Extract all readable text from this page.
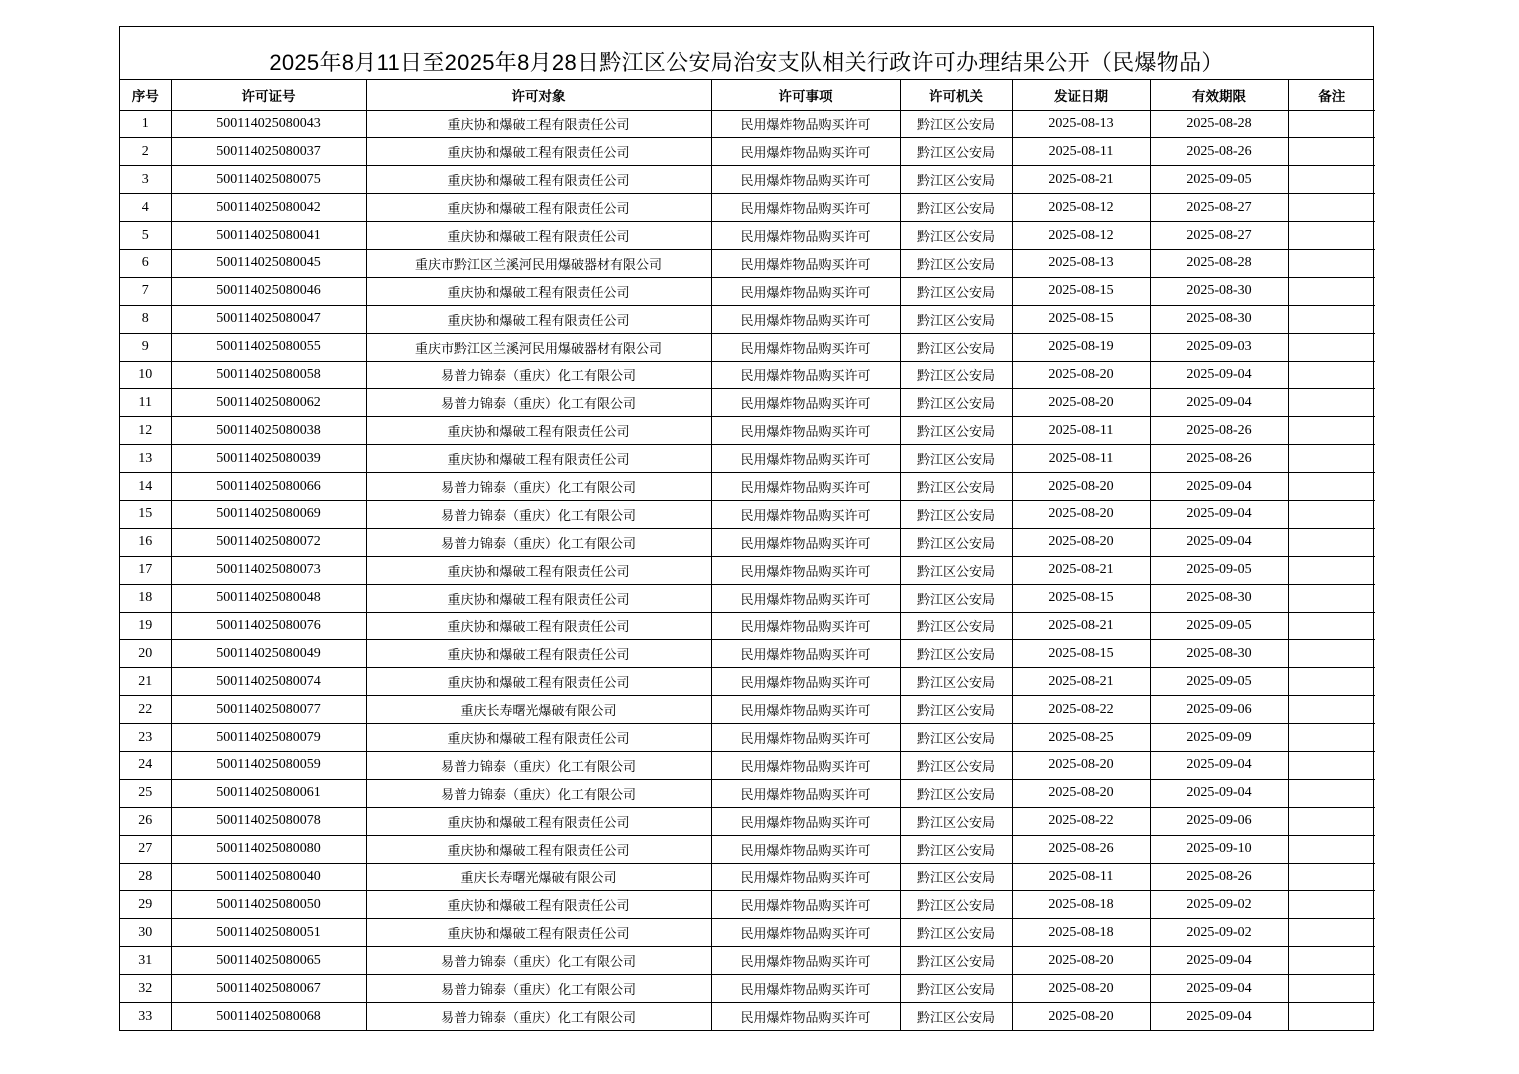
2025年8月11日至2025年8月28日黔江区公安局治安支队相关行政许可办理结果公开（民爆物品）
序号	许可证号	许可对象	许可事项	许可机关	发证日期	有效期限	备注
1	500114025080043	重庆协和爆破工程有限责任公司	民用爆炸物品购买许可	黔江区公安局	2025-08-13	2025-08-28	
2	500114025080037	重庆协和爆破工程有限责任公司	民用爆炸物品购买许可	黔江区公安局	2025-08-11	2025-08-26	
3	500114025080075	重庆协和爆破工程有限责任公司	民用爆炸物品购买许可	黔江区公安局	2025-08-21	2025-09-05	
4	500114025080042	重庆协和爆破工程有限责任公司	民用爆炸物品购买许可	黔江区公安局	2025-08-12	2025-08-27	
5	500114025080041	重庆协和爆破工程有限责任公司	民用爆炸物品购买许可	黔江区公安局	2025-08-12	2025-08-27	
6	500114025080045	重庆市黔江区兰溪河民用爆破器材有限公司	民用爆炸物品购买许可	黔江区公安局	2025-08-13	2025-08-28	
7	500114025080046	重庆协和爆破工程有限责任公司	民用爆炸物品购买许可	黔江区公安局	2025-08-15	2025-08-30	
8	500114025080047	重庆协和爆破工程有限责任公司	民用爆炸物品购买许可	黔江区公安局	2025-08-15	2025-08-30	
9	500114025080055	重庆市黔江区兰溪河民用爆破器材有限公司	民用爆炸物品购买许可	黔江区公安局	2025-08-19	2025-09-03	
10	500114025080058	易普力锦泰（重庆）化工有限公司	民用爆炸物品购买许可	黔江区公安局	2025-08-20	2025-09-04	
11	500114025080062	易普力锦泰（重庆）化工有限公司	民用爆炸物品购买许可	黔江区公安局	2025-08-20	2025-09-04	
12	500114025080038	重庆协和爆破工程有限责任公司	民用爆炸物品购买许可	黔江区公安局	2025-08-11	2025-08-26	
13	500114025080039	重庆协和爆破工程有限责任公司	民用爆炸物品购买许可	黔江区公安局	2025-08-11	2025-08-26	
14	500114025080066	易普力锦泰（重庆）化工有限公司	民用爆炸物品购买许可	黔江区公安局	2025-08-20	2025-09-04	
15	500114025080069	易普力锦泰（重庆）化工有限公司	民用爆炸物品购买许可	黔江区公安局	2025-08-20	2025-09-04	
16	500114025080072	易普力锦泰（重庆）化工有限公司	民用爆炸物品购买许可	黔江区公安局	2025-08-20	2025-09-04	
17	500114025080073	重庆协和爆破工程有限责任公司	民用爆炸物品购买许可	黔江区公安局	2025-08-21	2025-09-05	
18	500114025080048	重庆协和爆破工程有限责任公司	民用爆炸物品购买许可	黔江区公安局	2025-08-15	2025-08-30	
19	500114025080076	重庆协和爆破工程有限责任公司	民用爆炸物品购买许可	黔江区公安局	2025-08-21	2025-09-05	
20	500114025080049	重庆协和爆破工程有限责任公司	民用爆炸物品购买许可	黔江区公安局	2025-08-15	2025-08-30	
21	500114025080074	重庆协和爆破工程有限责任公司	民用爆炸物品购买许可	黔江区公安局	2025-08-21	2025-09-05	
22	500114025080077	重庆长寿曙光爆破有限公司	民用爆炸物品购买许可	黔江区公安局	2025-08-22	2025-09-06	
23	500114025080079	重庆协和爆破工程有限责任公司	民用爆炸物品购买许可	黔江区公安局	2025-08-25	2025-09-09	
24	500114025080059	易普力锦泰（重庆）化工有限公司	民用爆炸物品购买许可	黔江区公安局	2025-08-20	2025-09-04	
25	500114025080061	易普力锦泰（重庆）化工有限公司	民用爆炸物品购买许可	黔江区公安局	2025-08-20	2025-09-04	
26	500114025080078	重庆协和爆破工程有限责任公司	民用爆炸物品购买许可	黔江区公安局	2025-08-22	2025-09-06	
27	500114025080080	重庆协和爆破工程有限责任公司	民用爆炸物品购买许可	黔江区公安局	2025-08-26	2025-09-10	
28	500114025080040	重庆长寿曙光爆破有限公司	民用爆炸物品购买许可	黔江区公安局	2025-08-11	2025-08-26	
29	500114025080050	重庆协和爆破工程有限责任公司	民用爆炸物品购买许可	黔江区公安局	2025-08-18	2025-09-02	
30	500114025080051	重庆协和爆破工程有限责任公司	民用爆炸物品购买许可	黔江区公安局	2025-08-18	2025-09-02	
31	500114025080065	易普力锦泰（重庆）化工有限公司	民用爆炸物品购买许可	黔江区公安局	2025-08-20	2025-09-04	
32	500114025080067	易普力锦泰（重庆）化工有限公司	民用爆炸物品购买许可	黔江区公安局	2025-08-20	2025-09-04	
33	500114025080068	易普力锦泰（重庆）化工有限公司	民用爆炸物品购买许可	黔江区公安局	2025-08-20	2025-09-04	
